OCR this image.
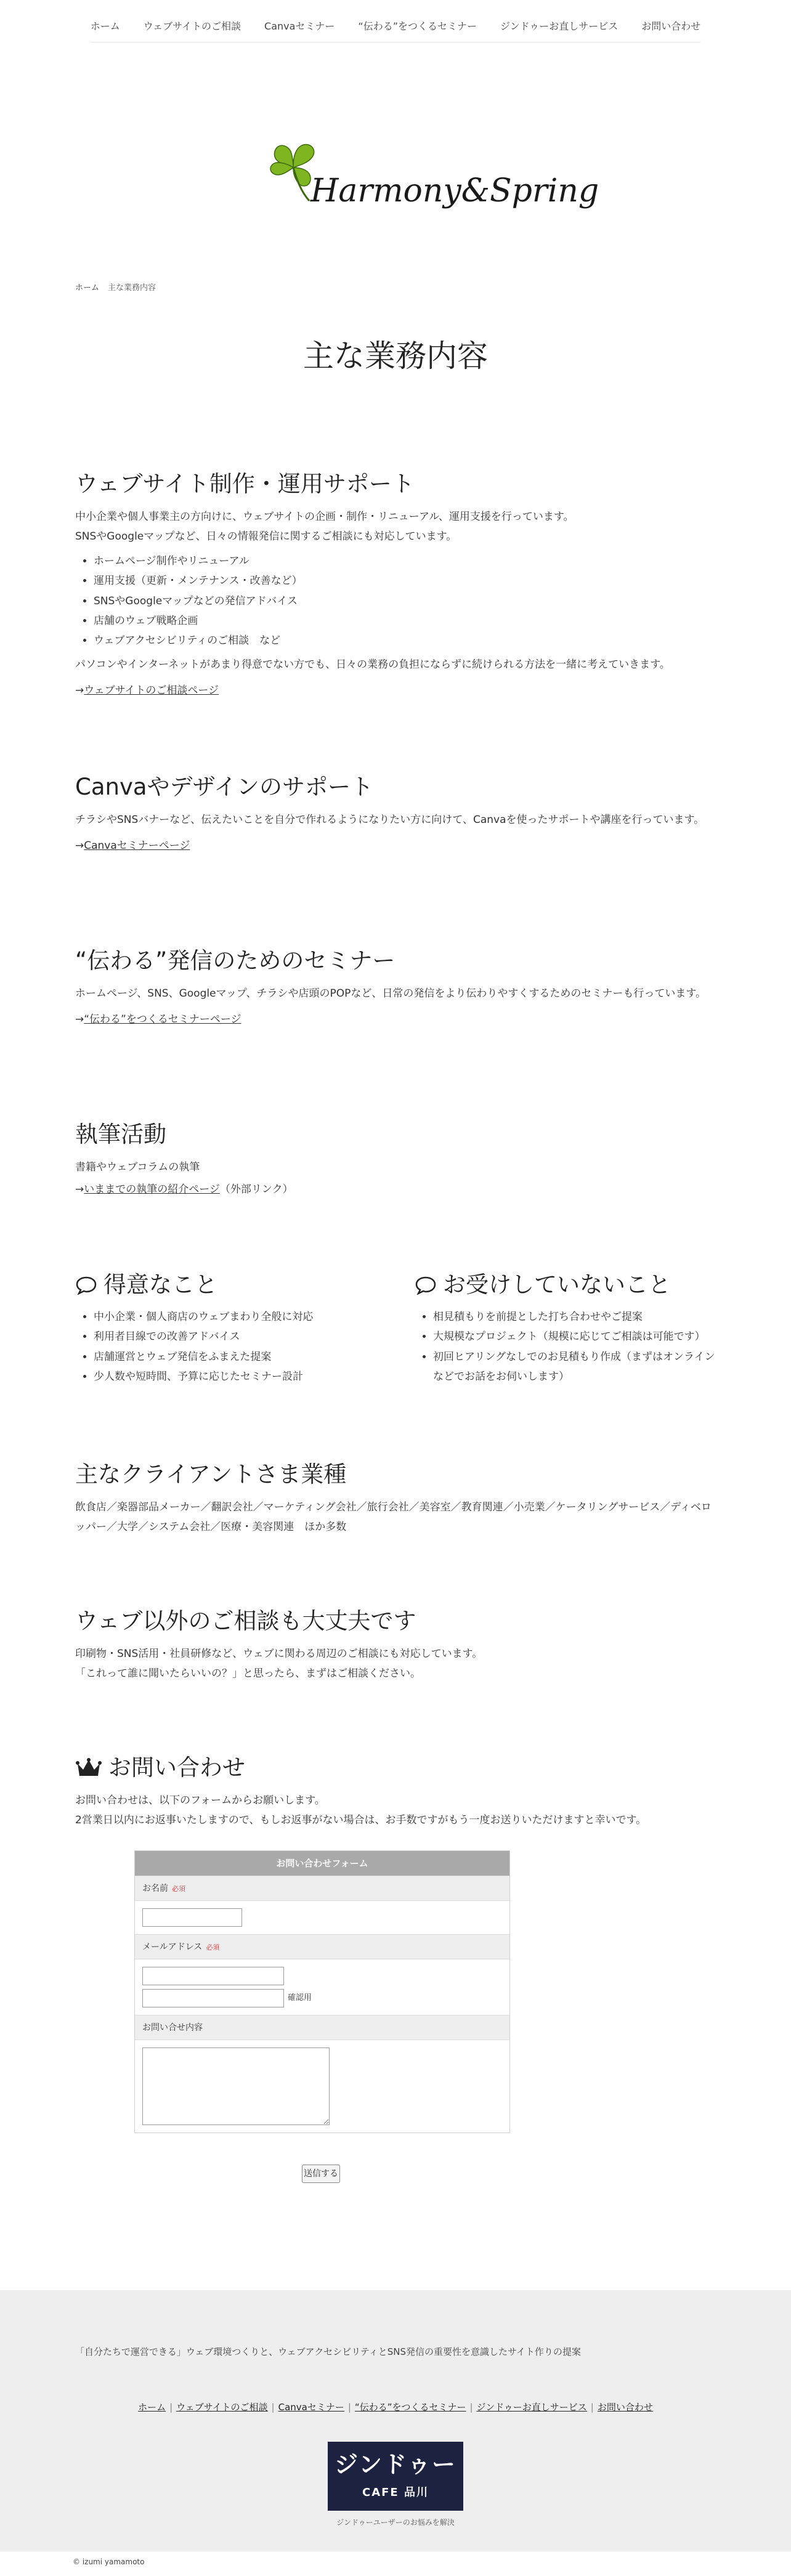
ホーム ウェブサイトのご相談 Canvaセミナー “伝わる”をつくるセミナー ジンドゥーお直しサービス お問い合わせ
Harmony&Spring
ホーム 主な業務内容
主な業務内容
ウェブサイト制作・運用サポート

中小企業や個人事業主の方向けに、ウェブサイトの企画・制作・リニューアル、運用支援を行っています。

SNSやGoogleマップなど、日々の情報発信に関するご相談にも対応しています。

• ホームページ制作やリニューアル
• 運用支援（更新・メンテナンス・改善など）
• SNSやGoogleマップなどの発信アドバイス
• 店舗のウェブ戦略企画
• ウェブアクセシビリティのご相談　など

パソコンやインターネットがあまり得意でない方でも、日々の業務の負担にならずに続けられる方法を一緒に考えていきます。

→ウェブサイトのご相談ページ

Canvaやデザインのサポート

チラシやSNSバナーなど、伝えたいことを自分で作れるようになりたい方に向けて、Canvaを使ったサポートや講座を行っています。

→Canvaセミナーページ

“伝わる”発信のためのセミナー

ホームページ、SNS、Googleマップ、チラシや店頭のPOPなど、日常の発信をより伝わりやすくするためのセミナーも行っています。

→“伝わる”をつくるセミナーページ

執筆活動

書籍やウェブコラムの執筆

→いままでの執筆の紹介ページ（外部リンク）

得意なこと
• 中小企業・個人商店のウェブまわり全般に対応
• 利用者目線での改善アドバイス
• 店舗運営とウェブ発信をふまえた提案
• 少人数や短時間、予算に応じたセミナー設計
お受けしていないこと
• 相見積もりを前提とした打ち合わせやご提案
• 大規模なプロジェクト（規模に応じてご相談は可能です）
• 初回ヒアリングなしでのお見積もり作成（まずはオンラインなどでお話をお伺いします）
主なクライアントさま業種

飲食店／楽器部品メーカー／翻訳会社／マーケティング会社／旅行会社／美容室／教育関連／小売業／ケータリングサービス／ディベロッパー／大学／システム会社／医療・美容関連　ほか多数

ウェブ以外のご相談も大丈夫です

印刷物・SNS活用・社員研修など、ウェブに関わる周辺のご相談にも対応しています。

「これって誰に聞いたらいいの？」と思ったら、まずはご相談ください。

お問い合わせ

お問い合わせは、以下のフォームからお願いします。

2営業日以内にお返事いたしますので、もしお返事がない場合は、お手数ですがもう一度お送りいただけますと幸いです。

お問い合わせフォーム
お名前 必須
メールアドレス 必須
確認用
お問い合せ内容
送信する

「自分たちで運営できる」ウェブ環境つくりと、ウェブアクセシビリティとSNS発信の重要性を意識したサイト作りの提案

ホーム | ウェブサイトのご相談 | Canvaセミナー | “伝わる”をつくるセミナー | ジンドゥーお直しサービス | お問い合わせ
ジンドゥー
CAFE 品川
ジンドゥーユーザーのお悩みを解決
© izumi yamamoto
